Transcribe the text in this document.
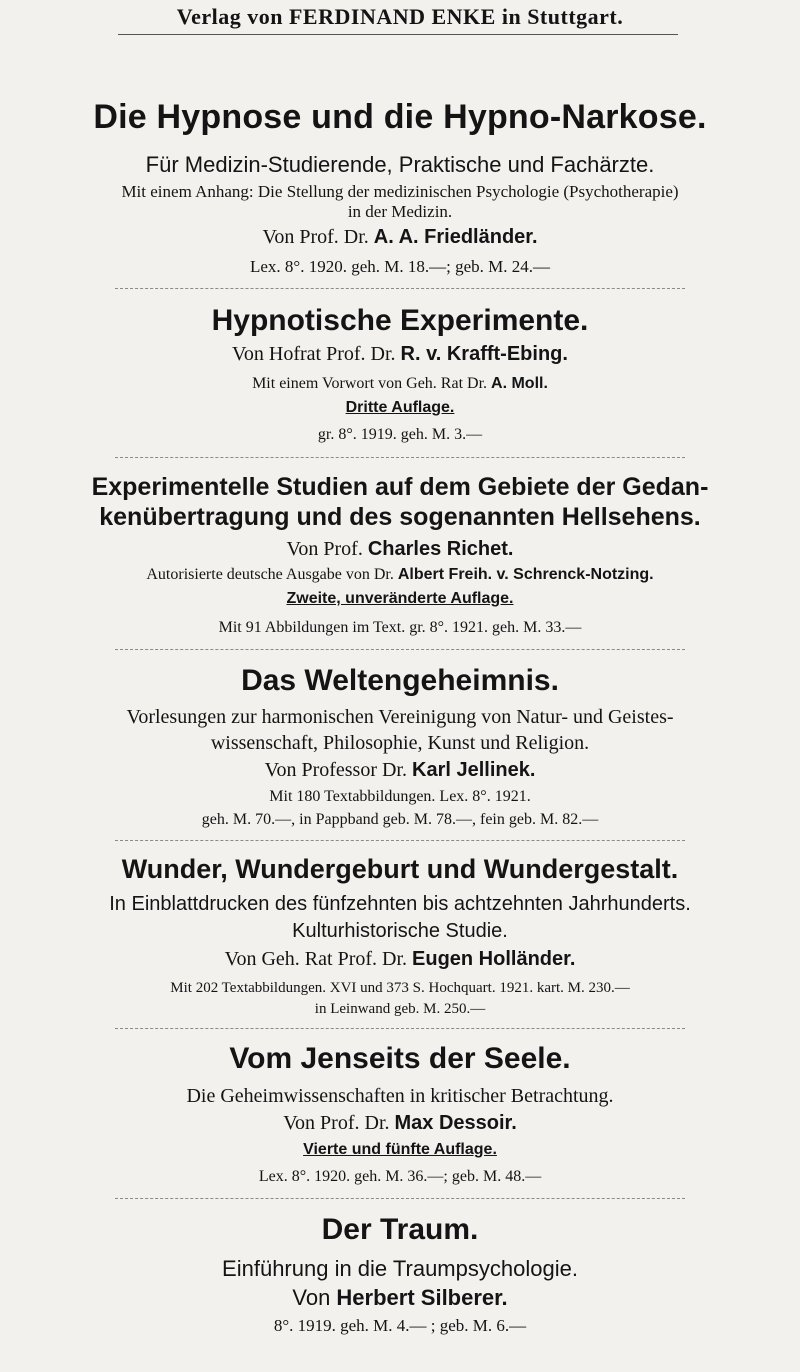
Verlag von FERDINAND ENKE in Stuttgart.
Die Hypnose und die Hypno-Narkose.
Für Medizin-Studierende, Praktische und Fachärzte.
Mit einem Anhang: Die Stellung der medizinischen Psychologie (Psychotherapie)
in der Medizin.
Von Prof. Dr. A. A. Friedländer.
Lex. 8°. 1920. geh. M. 18.—; geb. M. 24.—
Hypnotische Experimente.
Von Hofrat Prof. Dr. R. v. Krafft-Ebing.
Mit einem Vorwort von Geh. Rat Dr. A. Moll.
Dritte Auflage.
gr. 8°. 1919. geh. M. 3.—
Experimentelle Studien auf dem Gebiete der Gedan-
kenübertragung und des sogenannten Hellsehens.
Von Prof. Charles Richet.
Autorisierte deutsche Ausgabe von Dr. Albert Freih. v. Schrenck-Notzing.
Zweite, unveränderte Auflage.
Mit 91 Abbildungen im Text. gr. 8°. 1921. geh. M. 33.—
Das Weltengeheimnis.
Vorlesungen zur harmonischen Vereinigung von Natur- und Geistes-
wissenschaft, Philosophie, Kunst und Religion.
Von Professor Dr. Karl Jellinek.
Mit 180 Textabbildungen. Lex. 8°. 1921.
geh. M. 70.—, in Pappband geb. M. 78.—, fein geb. M. 82.—
Wunder, Wundergeburt und Wundergestalt.
In Einblattdrucken des fünfzehnten bis achtzehnten Jahrhunderts.
Kulturhistorische Studie.
Von Geh. Rat Prof. Dr. Eugen Holländer.
Mit 202 Textabbildungen. XVI und 373 S. Hochquart. 1921. kart. M. 230.—
in Leinwand geb. M. 250.—
Vom Jenseits der Seele.
Die Geheimwissenschaften in kritischer Betrachtung.
Von Prof. Dr. Max Dessoir.
Vierte und fünfte Auflage.
Lex. 8°. 1920. geh. M. 36.—; geb. M. 48.—
Der Traum.
Einführung in die Traumpsychologie.
Von Herbert Silberer.
8°. 1919. geh. M. 4.— ; geb. M. 6.—
